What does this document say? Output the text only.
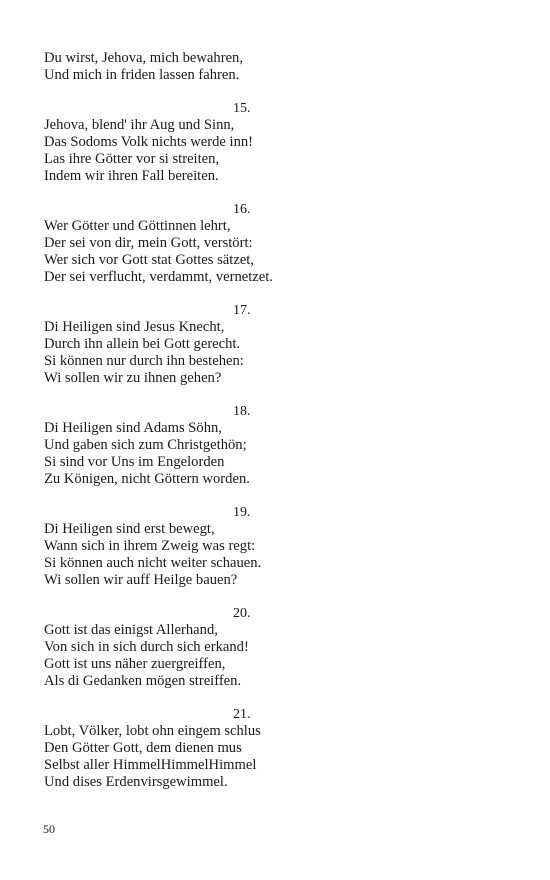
Du wirst, Jehova, mich bewahren,
Und mich in friden lassen fahren.
15.
Jehova, blend' ihr Aug und Sinn,
Das Sodoms Volk nichts werde inn!
Las ihre Götter vor si streiten,
Indem wir ihren Fall bereiten.
16.
Wer Götter und Göttinnen lehrt,
Der sei von dir, mein Gott, verstört:
Wer sich vor Gott stat Gottes sätzet,
Der sei verflucht, verdammt, vernetzet.
17.
Di Heiligen sind Jesus Knecht,
Durch ihn allein bei Gott gerecht.
Si können nur durch ihn bestehen:
Wi sollen wir zu ihnen gehen?
18.
Di Heiligen sind Adams Söhn,
Und gaben sich zum Christgethön;
Si sind vor Uns im Engelorden
Zu Königen, nicht Göttern worden.
19.
Di Heiligen sind erst bewegt,
Wann sich in ihrem Zweig was regt:
Si können auch nicht weiter schauen.
Wi sollen wir auff Heilge bauen?
20.
Gott ist das einigst Allerhand,
Von sich in sich durch sich erkand!
Gott ist uns näher zuergreiffen,
Als di Gedanken mögen streiffen.
21.
Lobt, Völker, lobt ohn eingem schlus
Den Götter Gott, dem dienen mus
Selbst aller HimmelHimmelHimmel
Und dises Erdenvirsgewimmel.
50
